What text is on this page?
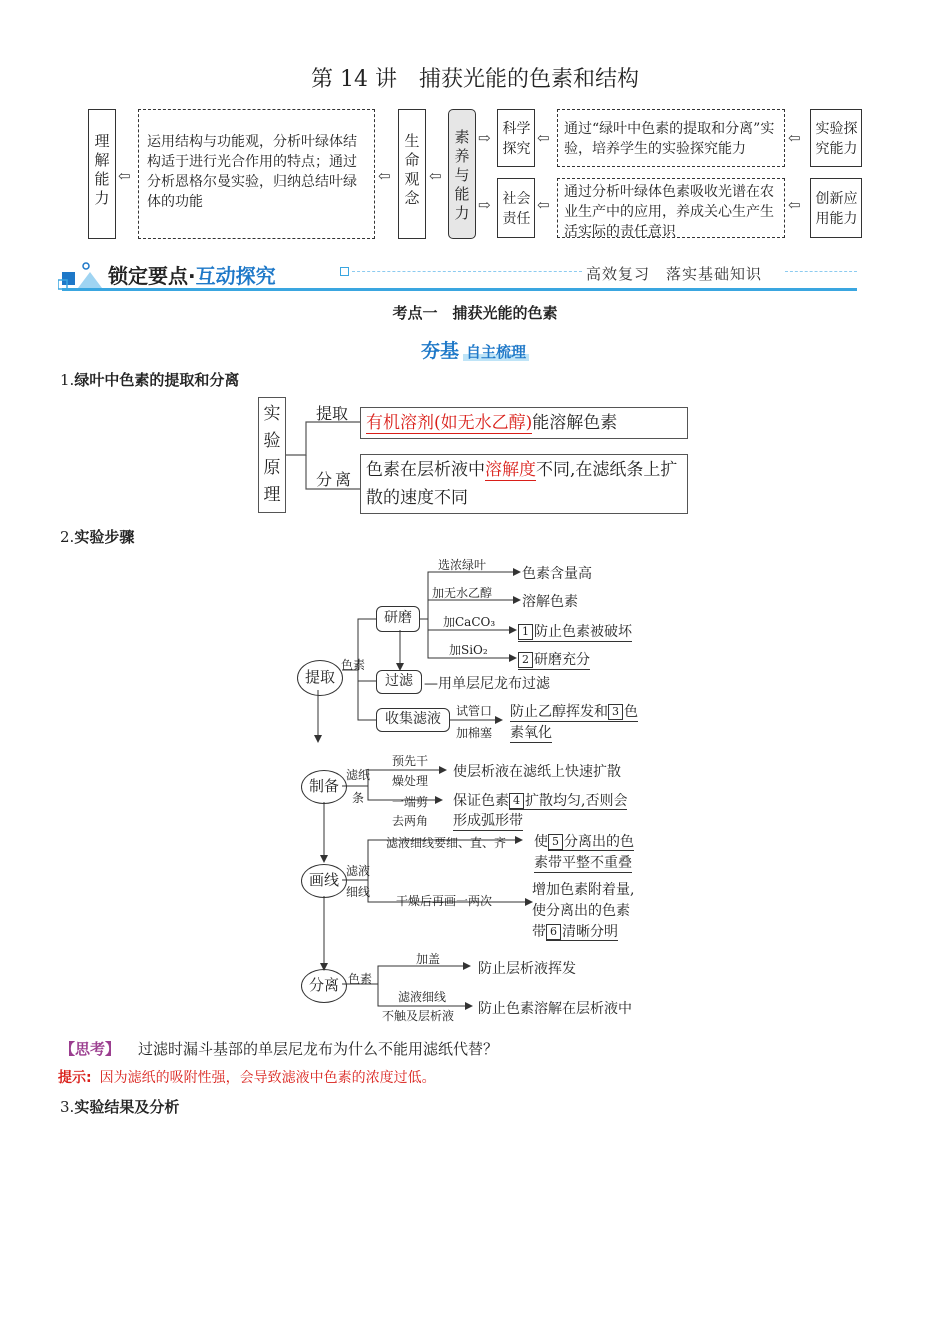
第 14 讲　捕获光能的色素和结构
理解能力
⇦
运用结构与功能观，分析叶绿体结构适于进行光合作用的特点；通过分析恩格尔曼实验，归纳总结叶绿体的功能
⇦
生命观念
⇦
素养与能力
⇨
⇨
科学探究
社会责任
⇦
⇦
通过“绿叶中色素的提取和分离”实验，培养学生的实验探究能力
通过分析叶绿体色素吸收光谱在农业生产中的应用，养成关心生产生活实际的责任意识
⇦
⇦
实验探究能力
创新应用能力
锁定要点·互动探究	高效复习　落实基础知识
考点一　捕获光能的色素
夯基 自主梳理
1.绿叶中色素的提取和分离
实验原理
提取
分离
有机溶剂(如无水乙醇)能溶解色素
色素在层析液中溶解度不同,在滤纸条上扩散的速度不同
2.实验步骤
提取
色素
研磨
选浓绿叶
色素含量高
加无水乙醇
溶解色素
加CaCO₃
1 防止色素被破坏
加SiO₂
2 研磨充分
过滤 —用单层尼龙布过滤
收集滤液	试管口
加棉塞
防止乙醇挥发和 3 色
素氧化
制备
滤纸
条
预先干
燥处理
使层析液在滤纸上快速扩散
一端剪
去两角
保证色素 4 扩散均匀,否则会
形成弧形带
画线 滤液
细线
滤液细线要细、直、齐 使 5 分离出的色
素带平整不重叠
干燥后再画一两次
增加色素附着量,
使分离出的色素
带 6 清晰分明
分离 色素
加盖
防止层析液挥发
滤液细线
不触及层析液 防止色素溶解在层析液中
【思考】 过滤时漏斗基部的单层尼龙布为什么不能用滤纸代替？
提示: 因为滤纸的吸附性强，会导致滤液中色素的浓度过低。
3.实验结果及分析
